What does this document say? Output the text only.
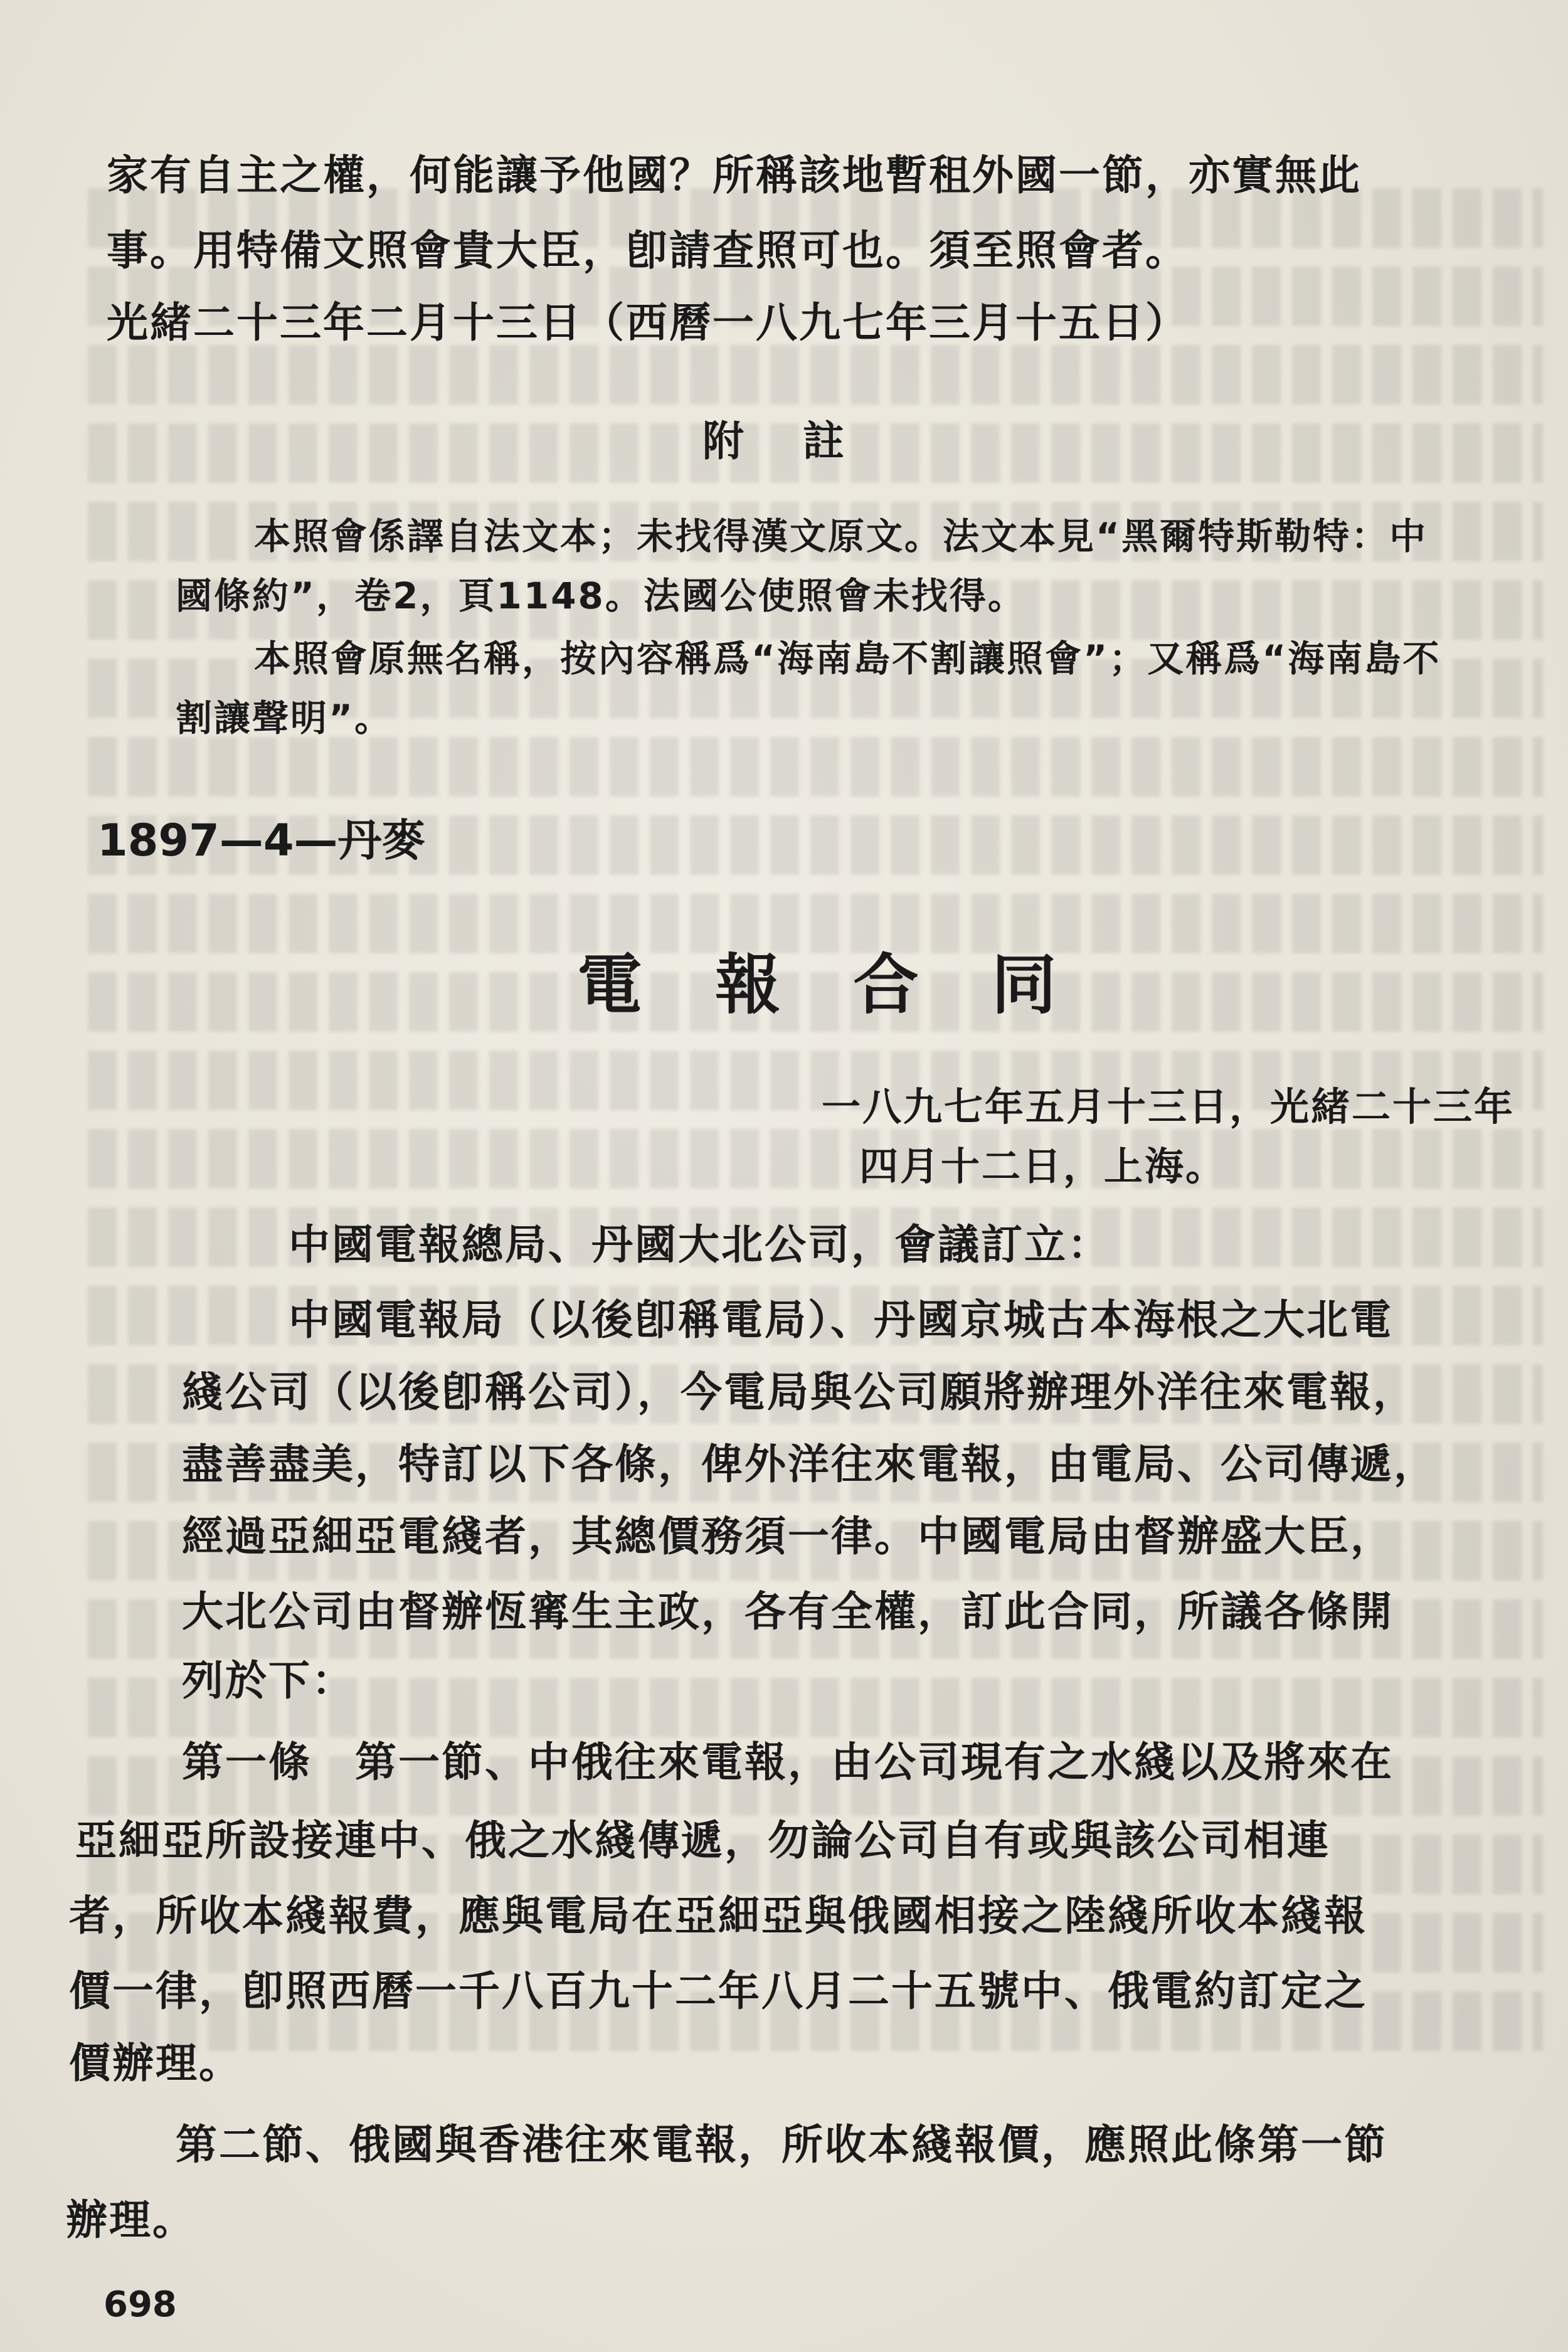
家有自主之權，何能讓予他國？所稱該地暫租外國一節，亦實無此
事。用特備文照會貴大臣，卽請查照可也。須至照會者。
光緒二十三年二月十三日（西曆一八九七年三月十五日）
附　註
本照會係譯自法文本；未找得漢文原文。法文本見“黑爾特斯勒特：中
國條約”，卷2，頁1148。法國公使照會未找得。
本照會原無名稱，按內容稱爲“海南島不割讓照會”；又稱爲“海南島不
割讓聲明”。
1897—4—丹麥
電 報 合 同
一八九七年五月十三日，光緒二十三年
四月十二日，上海。
中國電報總局、丹國大北公司，會議訂立：
中國電報局（以後卽稱電局）、丹國京城古本海根之大北電
綫公司（以後卽稱公司），今電局與公司願將辦理外洋往來電報，
盡善盡美，特訂以下各條，俾外洋往來電報，由電局、公司傳遞，
經過亞細亞電綫者，其總價務須一律。中國電局由督辦盛大臣，
大北公司由督辦恆寗生主政，各有全權，訂此合同，所議各條開
列於下：
第一條　第一節、中俄往來電報，由公司現有之水綫以及將來在
亞細亞所設接連中、俄之水綫傳遞，勿論公司自有或與該公司相連
者，所收本綫報費，應與電局在亞細亞與俄國相接之陸綫所收本綫報
價一律，卽照西曆一千八百九十二年八月二十五號中、俄電約訂定之
價辦理。
第二節、俄國與香港往來電報，所收本綫報價，應照此條第一節
辦理。
698
